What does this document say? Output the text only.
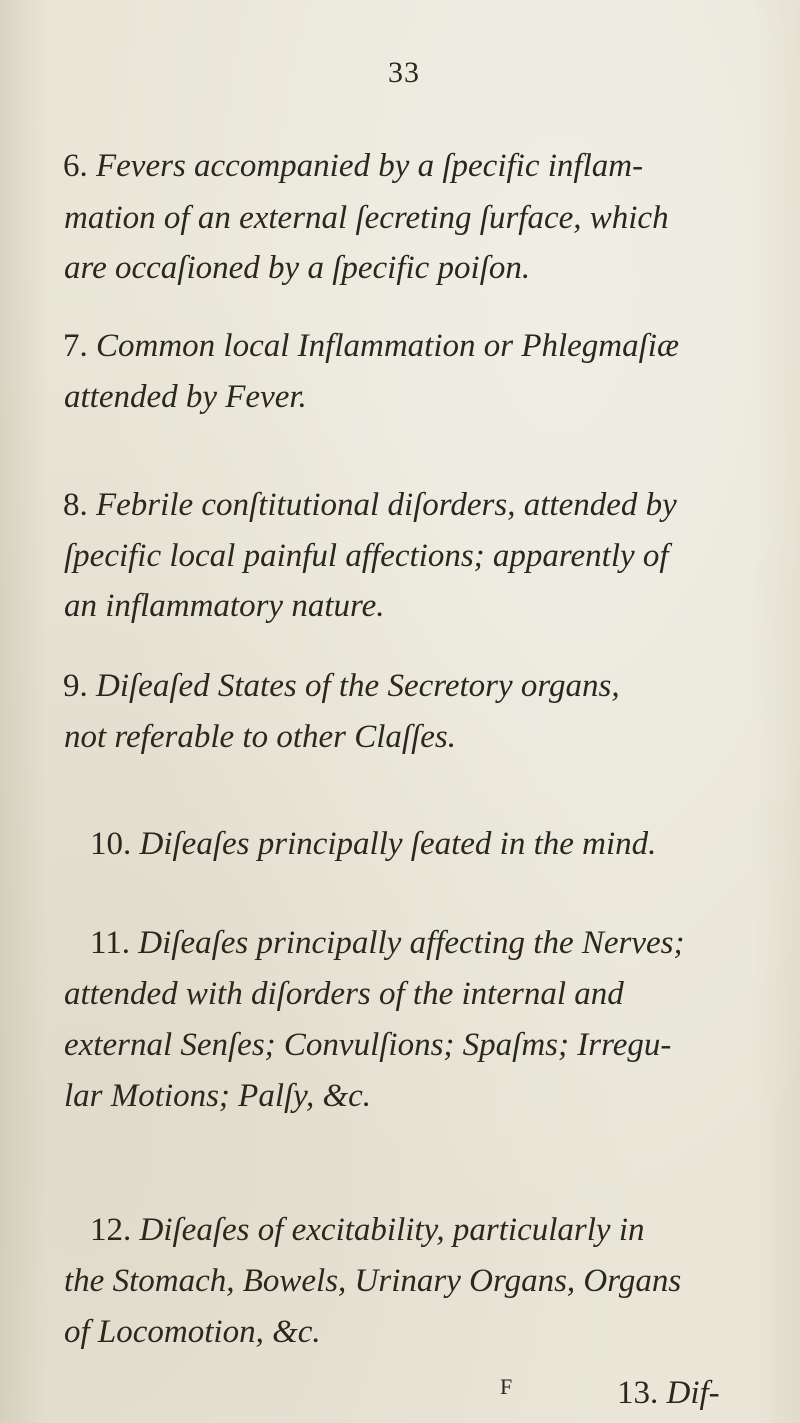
33
6. Fevers accompanied by a ſpecific inflam-
mation of an external ſecreting ſurface, which
are occaſioned by a ſpecific poiſon.
7. Common local Inflammation or Phlegmaſiæ
attended by Fever.
8. Febrile conſtitutional diſorders, attended by
ſpecific local painful affections; apparently of
an inflammatory nature.
9. Diſeaſed States of the Secretory organs,
not referable to other Claſſes.
10. Diſeaſes principally ſeated in the mind.
11. Diſeaſes principally affecting the Nerves;
attended with diſorders of the internal and
external Senſes; Convulſions; Spaſms; Irregu-
lar Motions; Palſy, &c.
12. Diſeaſes of excitability, particularly in
the Stomach, Bowels, Urinary Organs, Organs
of Locomotion, &c.
F	13. Dif-
